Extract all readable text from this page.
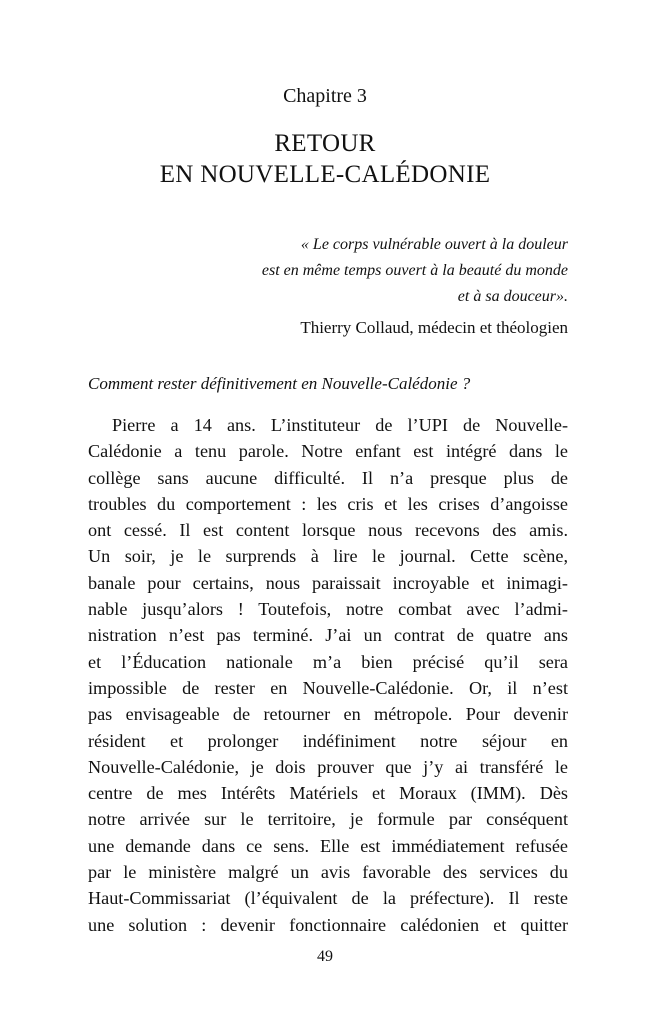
Chapitre 3
RETOUR
EN NOUVELLE-CALÉDONIE
« Le corps vulnérable ouvert à la douleur
est en même temps ouvert à la beauté du monde
et à sa douceur».
Thierry Collaud, médecin et théologien
Comment rester définitivement en Nouvelle-Calédonie ?
Pierre a 14 ans. L’instituteur de l’UPI de Nouvelle-
Calédonie a tenu parole. Notre enfant est intégré dans le
collège sans aucune difficulté. Il n’a presque plus de
troubles du comportement : les cris et les crises d’angoisse
ont cessé. Il est content lorsque nous recevons des amis.
Un soir, je le surprends à lire le journal. Cette scène,
banale pour certains, nous paraissait incroyable et inimagi-
nable jusqu’alors ! Toutefois, notre combat avec l’admi-
nistration n’est pas terminé. J’ai un contrat de quatre ans
et l’Éducation nationale m’a bien précisé qu’il sera
impossible de rester en Nouvelle-Calédonie. Or, il n’est
pas envisageable de retourner en métropole. Pour devenir
résident et prolonger indéfiniment notre séjour en
Nouvelle-Calédonie, je dois prouver que j’y ai transféré le
centre de mes Intérêts Matériels et Moraux (IMM). Dès
notre arrivée sur le territoire, je formule par conséquent
une demande dans ce sens. Elle est immédiatement refusée
par le ministère malgré un avis favorable des services du
Haut-Commissariat (l’équivalent de la préfecture). Il reste
une solution : devenir fonctionnaire calédonien et quitter
49
